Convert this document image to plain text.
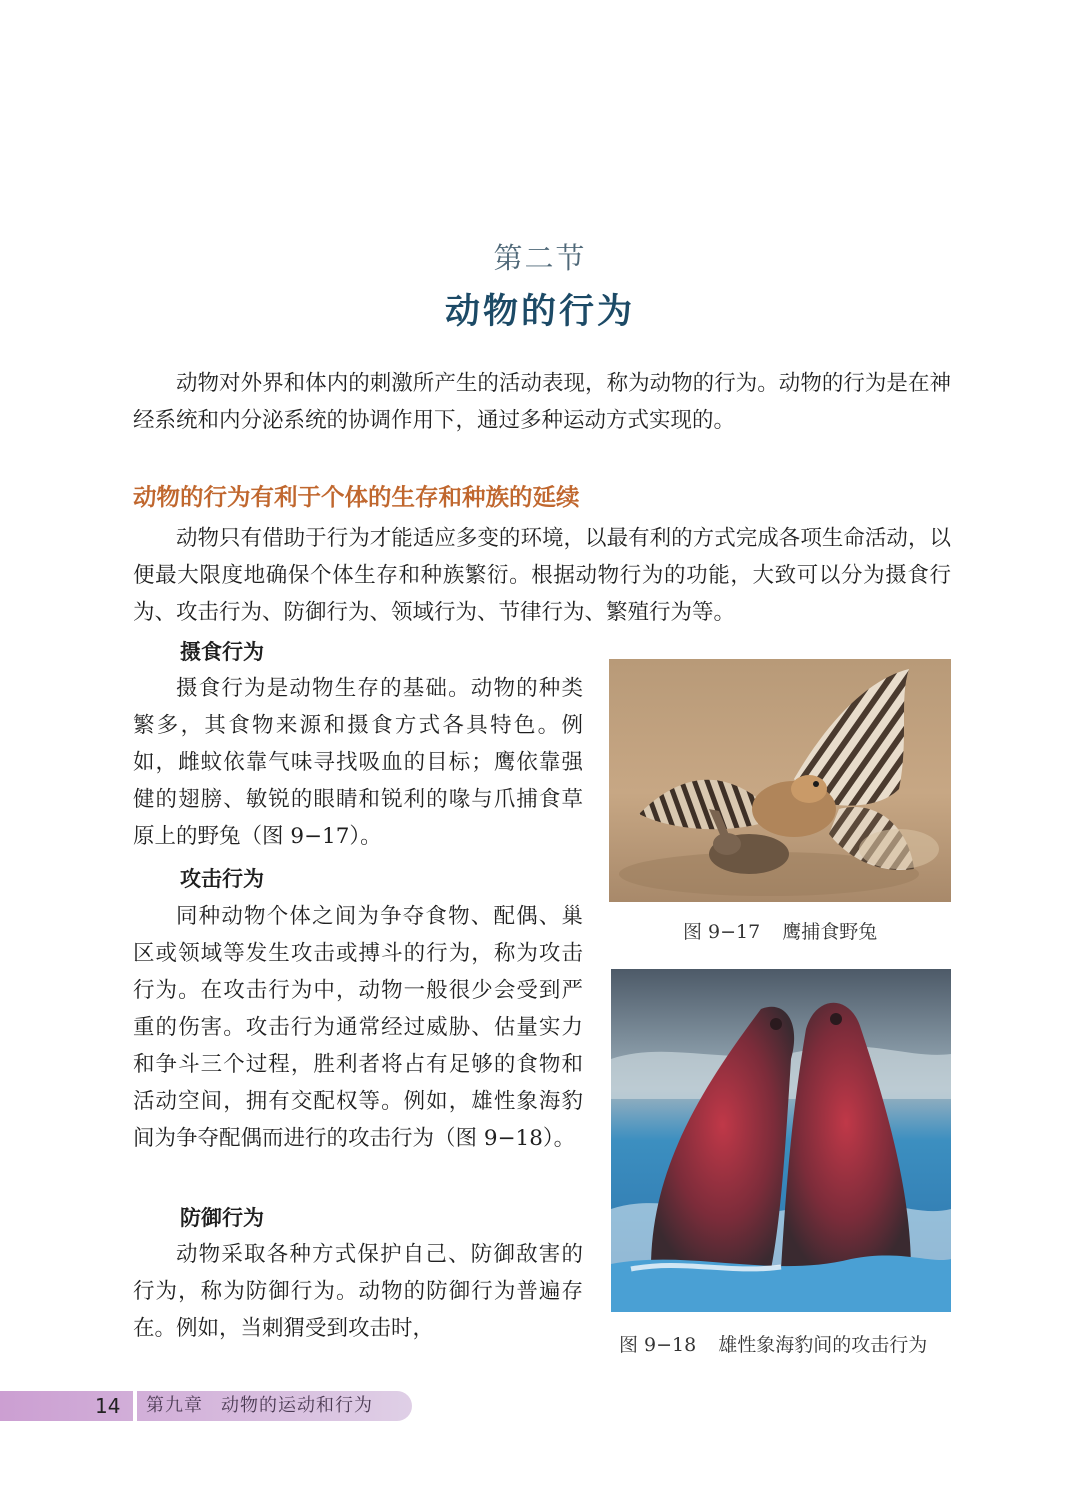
第二节
动物的行为

动物对外界和体内的刺激所产生的活动表现，称为动物的行为。动物的行为是在神经系统和内分泌系统的协调作用下，通过多种运动方式实现的。

动物的行为有利于个体的生存和种族的延续

动物只有借助于行为才能适应多变的环境，以最有利的方式完成各项生命活动，以便最大限度地确保个体生存和种族繁衍。根据动物行为的功能，大致可以分为摄食行为、攻击行为、防御行为、领域行为、节律行为、繁殖行为等。

摄食行为

摄食行为是动物生存的基础。动物的种类繁多，其食物来源和摄食方式各具特色。例如，雌蚊依靠气味寻找吸血的目标；鹰依靠强健的翅膀、敏锐的眼睛和锐利的喙与爪捕食草原上的野兔（图 9−17）。

攻击行为

同种动物个体之间为争夺食物、配偶、巢区或领域等发生攻击或搏斗的行为，称为攻击行为。在攻击行为中，动物一般很少会受到严重的伤害。攻击行为通常经过威胁、估量实力和争斗三个过程，胜利者将占有足够的食物和活动空间，拥有交配权等。例如，雄性象海豹间为争夺配偶而进行的攻击行为（图 9−18）。

防御行为

动物采取各种方式保护自己、防御敌害的行为，称为防御行为。动物的防御行为普遍存在。例如，当刺猬受到攻击时，

图 9−17 鹰捕食野兔
图 9−18 雄性象海豹间的攻击行为
14 第九章 动物的运动和行为
